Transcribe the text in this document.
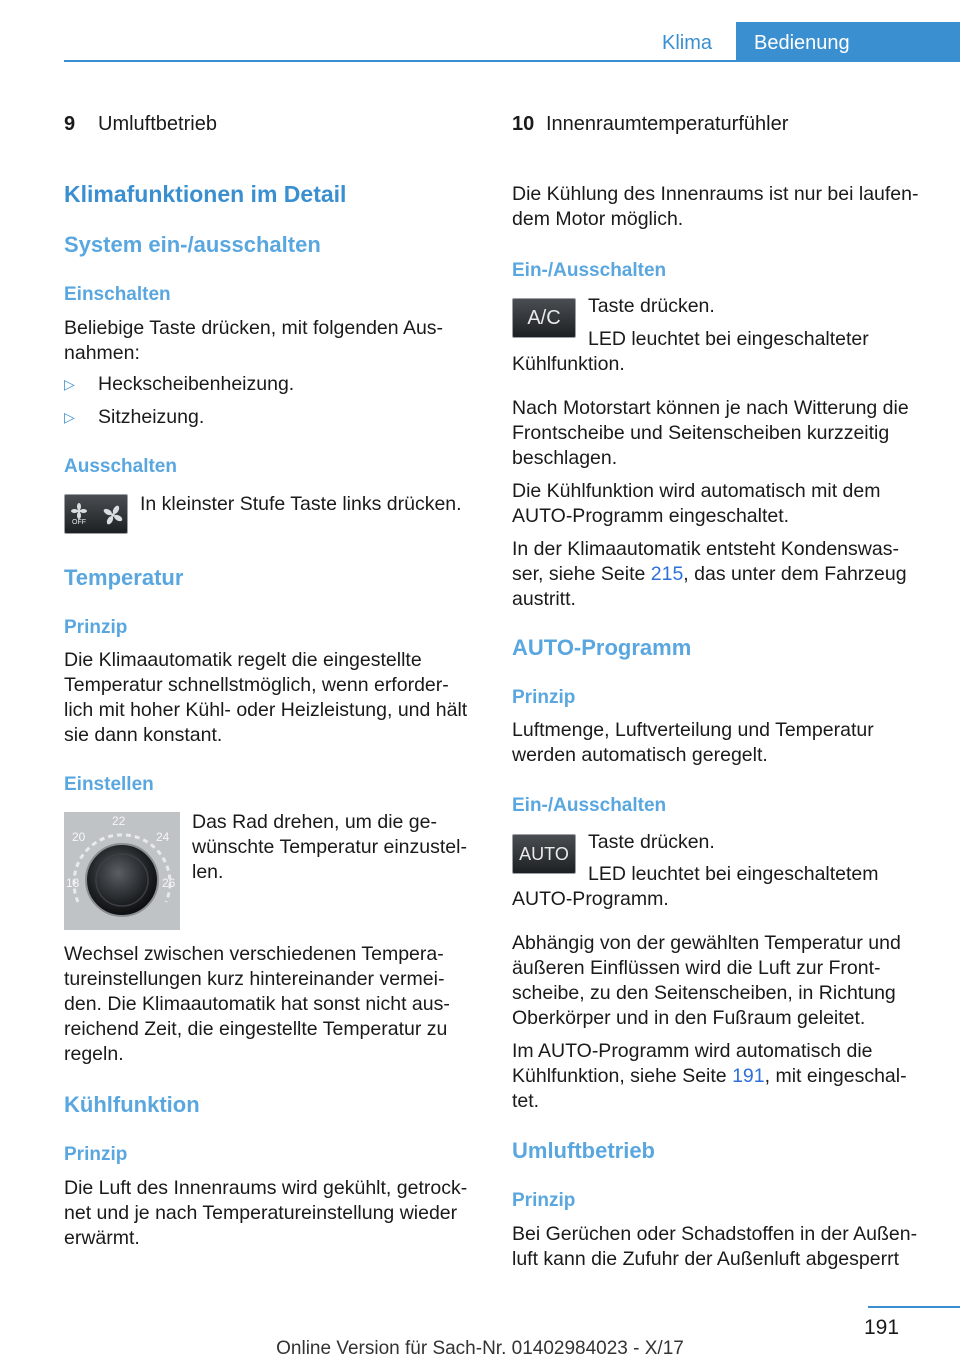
Klima Bedienung
9 Umluftbetrieb
Klimafunktionen im Detail
System ein-/ausschalten
Einschalten
Beliebige Taste drücken, mit folgenden Aus-
nahmen:
▷ Heckscheibenheizung.
▷ Sitzheizung.
Ausschalten
OFF
In kleinster Stufe Taste links drücken.
Temperatur
Prinzip
Die Klimaautomatik regelt die eingestellte
Temperatur schnellstmöglich, wenn erforder-
lich mit hoher Kühl- oder Heizleistung, und hält
sie dann konstant.
Einstellen
20
22
24
18	26
Das Rad drehen, um die ge-
wünschte Temperatur einzustel-
len.
Wechsel zwischen verschiedenen Tempera-
tureinstellungen kurz hintereinander vermei-
den. Die Klimaautomatik hat sonst nicht aus-
reichend Zeit, die eingestellte Temperatur zu
regeln.
Kühlfunktion
Prinzip
Die Luft des Innenraums wird gekühlt, getrock-
net und je nach Temperatureinstellung wieder
erwärmt.
10 Innenraumtemperaturfühler
Die Kühlung des Innenraums ist nur bei laufen-
dem Motor möglich.
Ein-/Ausschalten
A/C
Taste drücken.
LED leuchtet bei eingeschalteter
Kühlfunktion.
Nach Motorstart können je nach Witterung die
Frontscheibe und Seitenscheiben kurzzeitig
beschlagen.
Die Kühlfunktion wird automatisch mit dem
AUTO-Programm eingeschaltet.
In der Klimaautomatik entsteht Kondenswas-
ser, siehe Seite 215, das unter dem Fahrzeug
austritt.
AUTO-Programm
Prinzip
Luftmenge, Luftverteilung und Temperatur
werden automatisch geregelt.
Ein-/Ausschalten
AUTO
Taste drücken.
LED leuchtet bei eingeschaltetem
AUTO-Programm.
Abhängig von der gewählten Temperatur und
äußeren Einflüssen wird die Luft zur Front-
scheibe, zu den Seitenscheiben, in Richtung
Oberkörper und in den Fußraum geleitet.
Im AUTO-Programm wird automatisch die
Kühlfunktion, siehe Seite 191, mit eingeschal-
tet.
Umluftbetrieb
Prinzip
Bei Gerüchen oder Schadstoffen in der Außen-
luft kann die Zufuhr der Außenluft abgesperrt
191
Online Version für Sach-Nr. 01402984023 - X/17
